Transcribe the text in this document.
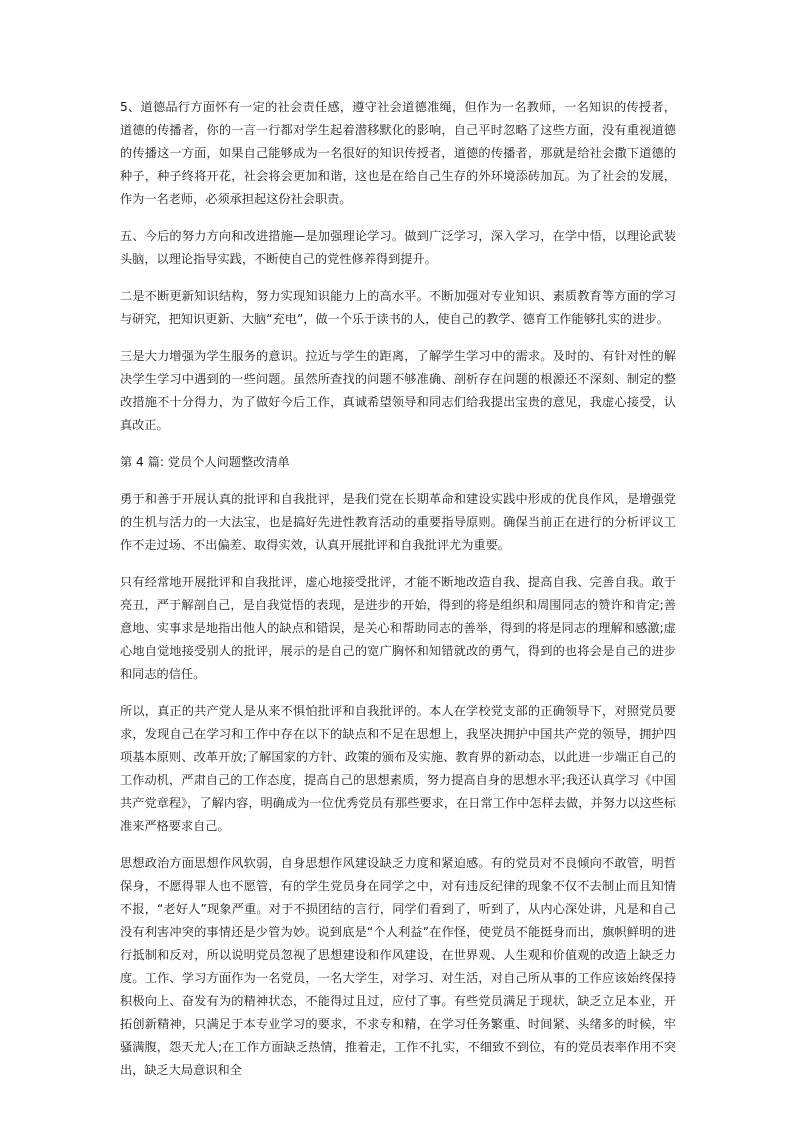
5、道德品行方面怀有一定的社会责任感，遵守社会道德准绳，但作为一名教师，一名知识的传授者，道德的传播者，你的一言一行都对学生起着潜移默化的影响，自己平时忽略了这些方面，没有重视道德的传播这一方面，如果自己能够成为一名很好的知识传授者，道德的传播者，那就是给社会撒下道德的种子，种子终将开花，社会将会更加和谐，这也是在给自己生存的外环境添砖加瓦。为了社会的发展，作为一名老师，必须承担起这份社会职责。

五、今后的努力方向和改进措施—是加强理论学习。做到广泛学习，深入学习，在学中悟，以理论武装头脑，以理论指导实践，不断使自己的党性修养得到提升。

二是不断更新知识结构，努力实现知识能力上的高水平。不断加强对专业知识、素质教育等方面的学习与研究，把知识更新、大脑“充电”，做一个乐于读书的人，使自己的教学、德育工作能够扎实的进步。

三是大力增强为学生服务的意识。拉近与学生的距离，了解学生学习中的需求。及时的、有针对性的解决学生学习中遇到的一些问题。虽然所查找的问题不够准确、剖析存在问题的根源还不深刻、制定的整改措施不十分得力，为了做好今后工作，真诚希望领导和同志们给我提出宝贵的意见，我虚心接受，认真改正。

第 4 篇: 党员个人问题整改清单

勇于和善于开展认真的批评和自我批评，是我们党在长期革命和建设实践中形成的优良作风，是增强党的生机与活力的一大法宝，也是搞好先进性教育活动的重要指导原则。确保当前正在进行的分析评议工作不走过场、不出偏差、取得实效，认真开展批评和自我批评尤为重要。

只有经常地开展批评和自我批评，虚心地接受批评，才能不断地改造自我、提高自我、完善自我。敢于亮丑，严于解剖自己，是自我觉悟的表现，是进步的开始，得到的将是组织和周围同志的赞许和肯定;善意地、实事求是地指出他人的缺点和错误，是关心和帮助同志的善举，得到的将是同志的理解和感激;虚心地自觉地接受别人的批评，展示的是自己的宽广胸怀和知错就改的勇气，得到的也将会是自己的进步和同志的信任。

所以，真正的共产党人是从来不惧怕批评和自我批评的。本人在学校党支部的正确领导下，对照党员要求，发现自己在学习和工作中存在以下的缺点和不足在思想上，我坚决拥护中国共产党的领导，拥护四项基本原则、改革开放;了解国家的方针、政策的颁布及实施、教育界的新动态，以此进一步端正自己的工作动机，严肃自己的工作态度，提高自己的思想素质，努力提高自身的思想水平;我还认真学习《中国共产党章程》，了解内容，明确成为一位优秀党员有那些要求，在日常工作中怎样去做，并努力以这些标准来严格要求自己。

思想政治方面思想作风软弱，自身思想作风建设缺乏力度和紧迫感。有的党员对不良倾向不敢管，明哲保身，不愿得罪人也不愿管，有的学生党员身在同学之中，对有违反纪律的现象不仅不去制止而且知情不报，“老好人”现象严重。对于不损团结的言行，同学们看到了，听到了，从内心深处讲，凡是和自己没有利害冲突的事情还是少管为妙。说到底是“个人利益”在作怪，使党员不能挺身而出，旗帜鲜明的进行抵制和反对，所以说明党员忽视了思想建设和作风建设，在世界观、人生观和价值观的改造上缺乏力度。工作、学习方面作为一名党员，一名大学生，对学习、对生活，对自己所从事的工作应该始终保持积极向上、奋发有为的精神状态，不能得过且过，应付了事。有些党员满足于现状，缺乏立足本业，开拓创新精神，只满足于本专业学习的要求，不求专和精，在学习任务繁重、时间紧、头绪多的时候，牢骚满腹，怨天尤人;在工作方面缺乏热情，推着走，工作不扎实，不细致不到位，有的党员表率作用不突出，缺乏大局意识和全
